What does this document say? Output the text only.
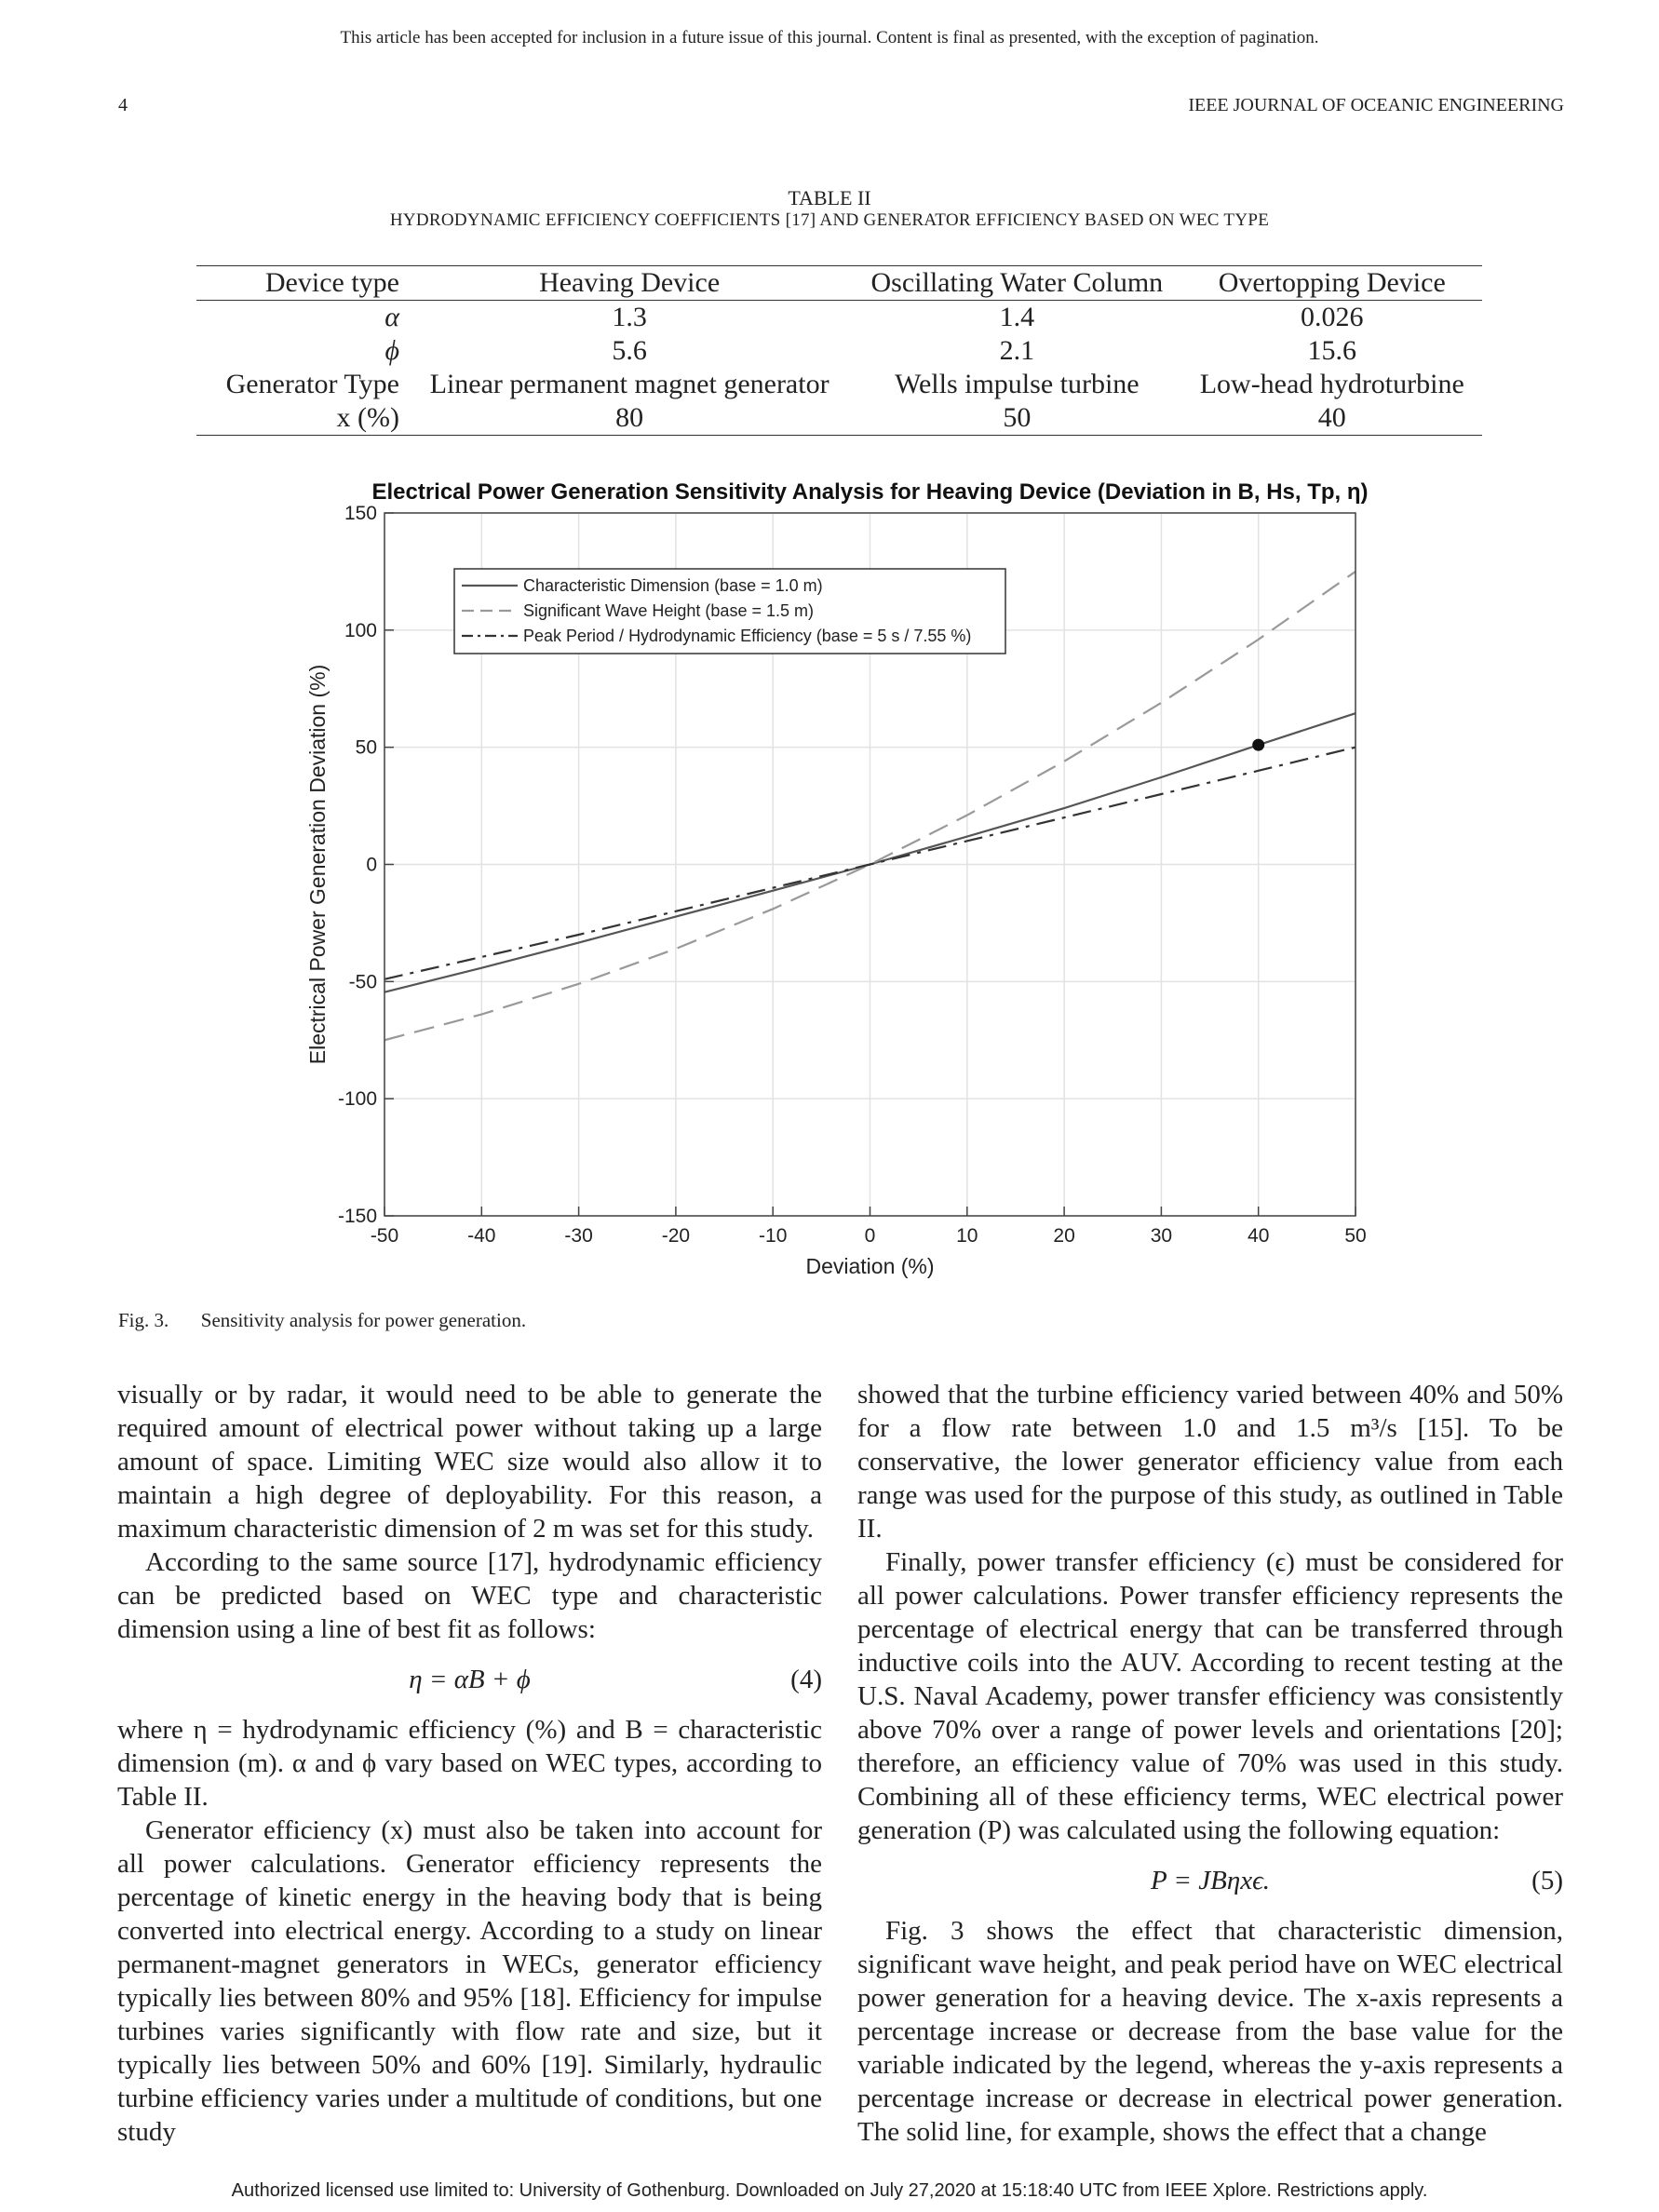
This article has been accepted for inclusion in a future issue of this journal. Content is final as presented, with the exception of pagination.
4	IEEE JOURNAL OF OCEANIC ENGINEERING
TABLE II
HYDRODYNAMIC EFFICIENCY COEFFICIENTS [17] AND GENERATOR EFFICIENCY BASED ON WEC TYPE
Device type	Heaving Device	Oscillating Water Column	Overtopping Device
α	1.3	1.4	0.026
ϕ	5.6	2.1	15.6
Generator Type	Linear permanent magnet generator	Wells impulse turbine	Low-head hydroturbine
x (%)	80	50	40
-50	-40	-30	-20	-10	0	10	20	30	40	50
-150
-100
-50
0
50
100
150
Electrical Power Generation Sensitivity Analysis for Heaving Device (Deviation in B, Hs, Tp, η)
Deviation (%)
Electrical Power Generation Deviation (%)
Characteristic Dimension (base = 1.0 m)
Significant Wave Height (base = 1.5 m)
Peak Period / Hydrodynamic Efficiency (base = 5 s / 7.55 %)
Fig. 3. Sensitivity analysis for power generation.

visually or by radar, it would need to be able to generate the required amount of electrical power without taking up a large amount of space. Limiting WEC size would also allow it to maintain a high degree of deployability. For this reason, a maximum characteristic dimension of 2 m was set for this study.

According to the same source [17], hydrodynamic efficiency can be predicted based on WEC type and characteristic dimension using a line of best fit as follows:

η = αB + ϕ	(4)

where η = hydrodynamic efficiency (%) and B = characteristic dimension (m). α and ϕ vary based on WEC types, according to Table II.

Generator efficiency (x) must also be taken into account for all power calculations. Generator efficiency represents the percentage of kinetic energy in the heaving body that is being converted into electrical energy. According to a study on linear permanent-magnet generators in WECs, generator efficiency typically lies between 80% and 95% [18]. Efficiency for impulse turbines varies significantly with flow rate and size, but it typically lies between 50% and 60% [19]. Similarly, hydraulic turbine efficiency varies under a multitude of conditions, but one study

showed that the turbine efficiency varied between 40% and 50% for a flow rate between 1.0 and 1.5 m³/s [15]. To be conservative, the lower generator efficiency value from each range was used for the purpose of this study, as outlined in Table II.

Finally, power transfer efficiency (ϵ) must be considered for all power calculations. Power transfer efficiency represents the percentage of electrical energy that can be transferred through inductive coils into the AUV. According to recent testing at the U.S. Naval Academy, power transfer efficiency was consistently above 70% over a range of power levels and orientations [20]; therefore, an efficiency value of 70% was used in this study. Combining all of these efficiency terms, WEC electrical power generation (P) was calculated using the following equation:

P = JBηxϵ.	(5)

Fig. 3 shows the effect that characteristic dimension, significant wave height, and peak period have on WEC electrical power generation for a heaving device. The x-axis represents a percentage increase or decrease from the base value for the variable indicated by the legend, whereas the y-axis represents a percentage increase or decrease in electrical power generation. The solid line, for example, shows the effect that a change

Authorized licensed use limited to: University of Gothenburg. Downloaded on July 27,2020 at 15:18:40 UTC from IEEE Xplore. Restrictions apply.
